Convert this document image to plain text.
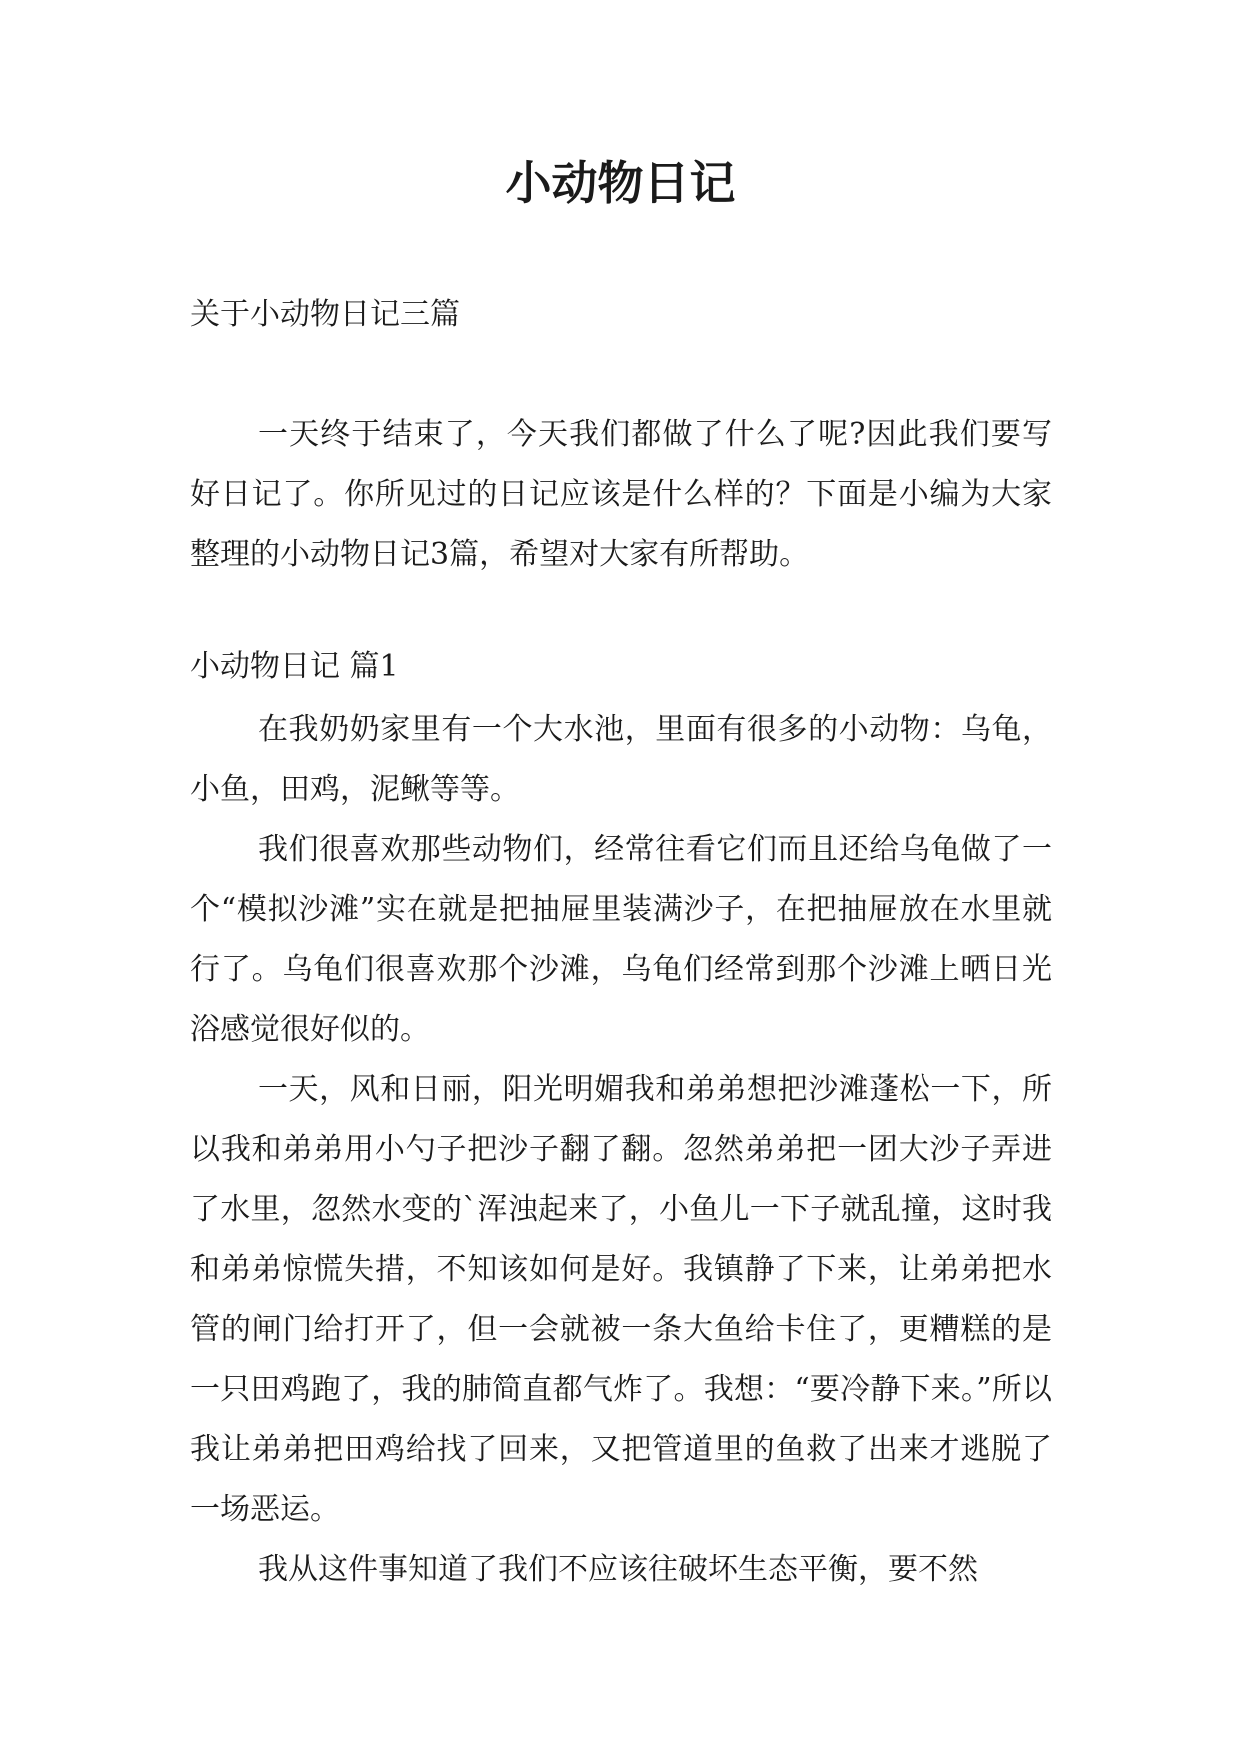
小动物日记

关于小动物日记三篇

一天终于结束了，今天我们都做了什么了呢?因此我们要写好日记了。你所见过的日记应该是什么样的？下面是小编为大家整理的小动物日记3篇，希望对大家有所帮助。

小动物日记 篇1

在我奶奶家里有一个大水池，里面有很多的小动物：乌龟，小鱼，田鸡，泥鳅等等。

我们很喜欢那些动物们，经常往看它们而且还给乌龟做了一个“模拟沙滩”实在就是把抽屉里装满沙子，在把抽屉放在水里就行了。乌龟们很喜欢那个沙滩，乌龟们经常到那个沙滩上晒日光浴感觉很好似的。

一天，风和日丽，阳光明媚我和弟弟想把沙滩蓬松一下，所以我和弟弟用小勺子把沙子翻了翻。忽然弟弟把一团大沙子弄进了水里，忽然水变的`浑浊起来了，小鱼儿一下子就乱撞，这时我和弟弟惊慌失措，不知该如何是好。我镇静了下来，让弟弟把水管的闸门给打开了，但一会就被一条大鱼给卡住了，更糟糕的是一只田鸡跑了，我的肺简直都气炸了。我想：“要冷静下来。”所以我让弟弟把田鸡给找了回来，又把管道里的鱼救了出来才逃脱了一场恶运。

我从这件事知道了我们不应该往破坏生态平衡，要不然
